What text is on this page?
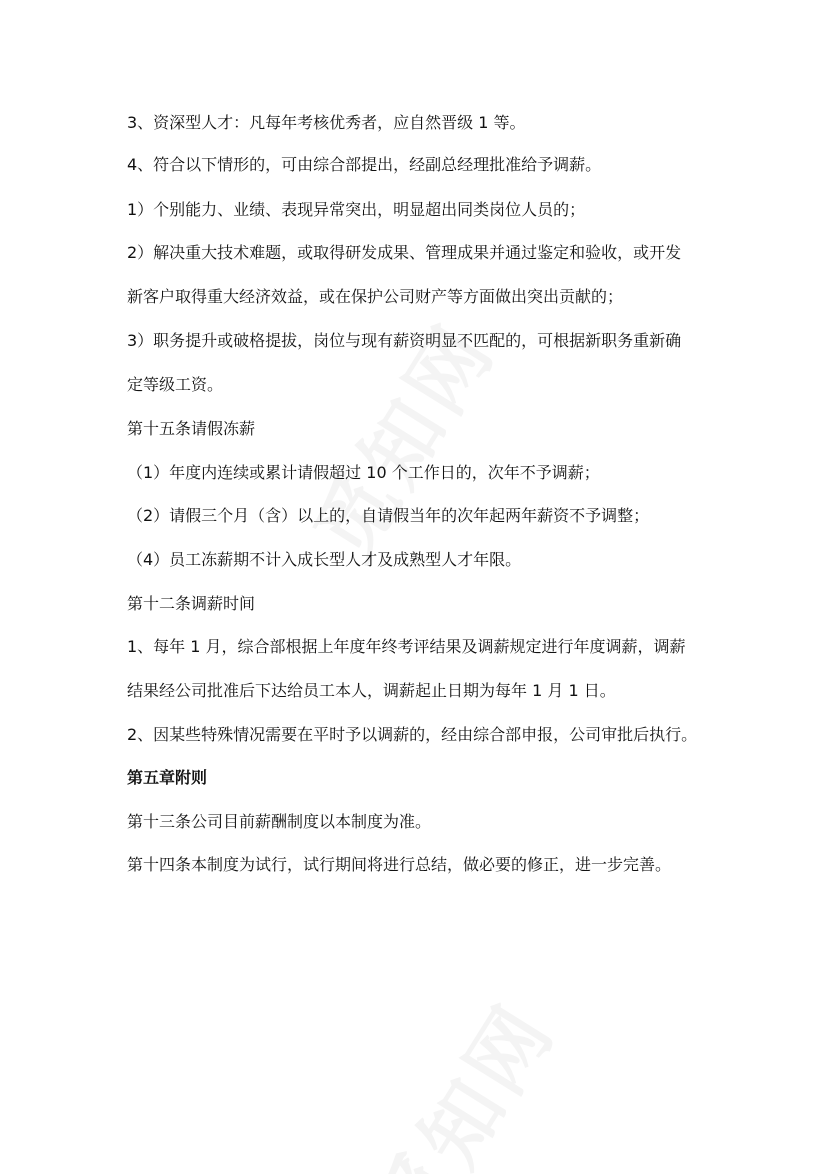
3、资深型人才：凡每年考核优秀者，应自然晋级 1 等。
4、符合以下情形的，可由综合部提出，经副总经理批准给予调薪。
1）个别能力、业绩、表现异常突出，明显超出同类岗位人员的；
2）解决重大技术难题，或取得研发成果、管理成果并通过鉴定和验收，或开发
新客户取得重大经济效益，或在保护公司财产等方面做出突出贡献的；
3）职务提升或破格提拔，岗位与现有薪资明显不匹配的，可根据新职务重新确
定等级工资。
第十五条请假冻薪
（1）年度内连续或累计请假超过 10 个工作日的，次年不予调薪；
（2）请假三个月（含）以上的，自请假当年的次年起两年薪资不予调整；
（4）员工冻薪期不计入成长型人才及成熟型人才年限。
第十二条调薪时间
1、每年 1 月，综合部根据上年度年终考评结果及调薪规定进行年度调薪，调薪
结果经公司批准后下达给员工本人，调薪起止日期为每年 1 月 1 日。
2、因某些特殊情况需要在平时予以调薪的，经由综合部申报，公司审批后执行。
第五章附则
第十三条公司目前薪酬制度以本制度为准。
第十四条本制度为试行，试行期间将进行总结，做必要的修正，进一步完善。
